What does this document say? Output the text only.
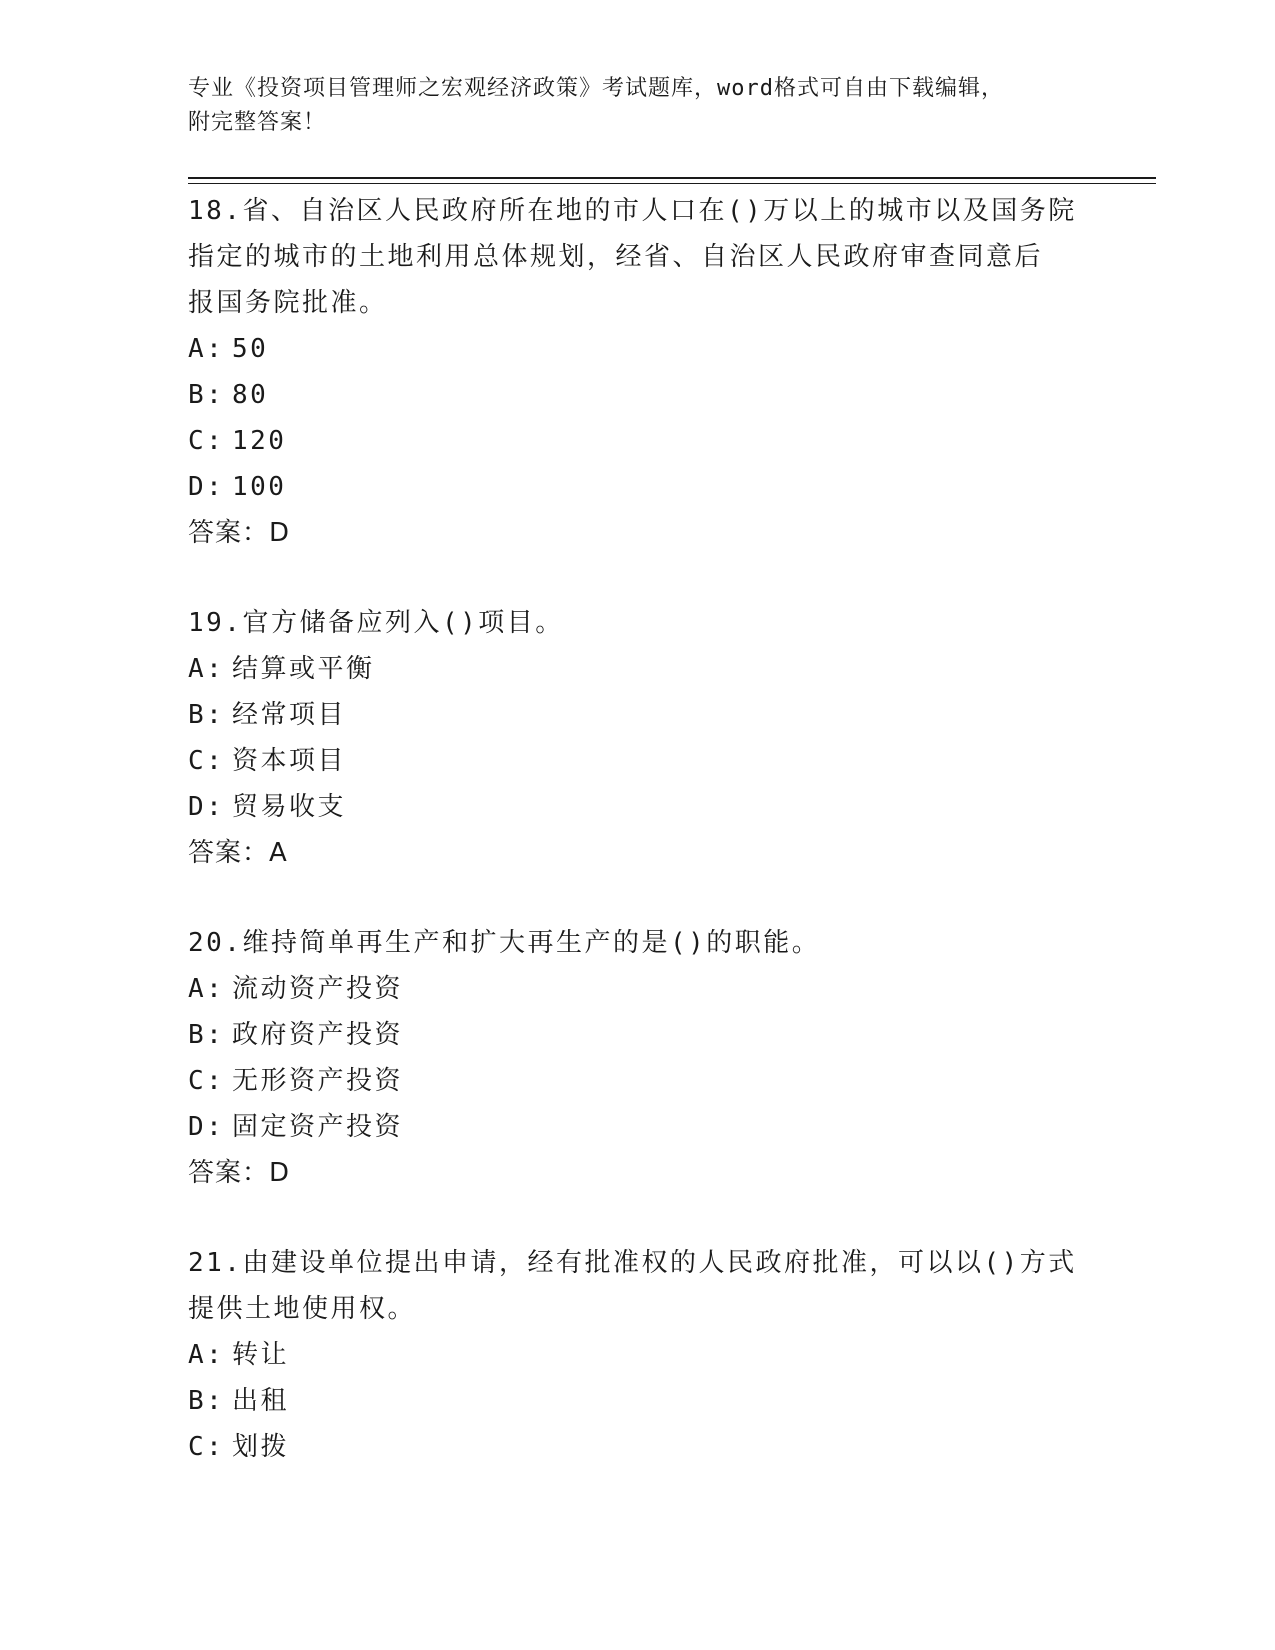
专业《投资项目管理师之宏观经济政策》考试题库，word格式可自由下载编辑，
附完整答案！
18.省、自治区人民政府所在地的市人口在()万以上的城市以及国务院
指定的城市的土地利用总体规划，经省、自治区人民政府审查同意后
报国务院批准。
A: 50
B: 80
C: 120
D: 100
答案：D
19.官方储备应列入()项目。
A: 结算或平衡
B: 经常项目
C: 资本项目
D: 贸易收支
答案：A
20.维持简单再生产和扩大再生产的是()的职能。
A: 流动资产投资
B: 政府资产投资
C: 无形资产投资
D: 固定资产投资
答案：D
21.由建设单位提出申请，经有批准权的人民政府批准，可以以()方式
提供土地使用权。
A: 转让
B: 出租
C: 划拨
